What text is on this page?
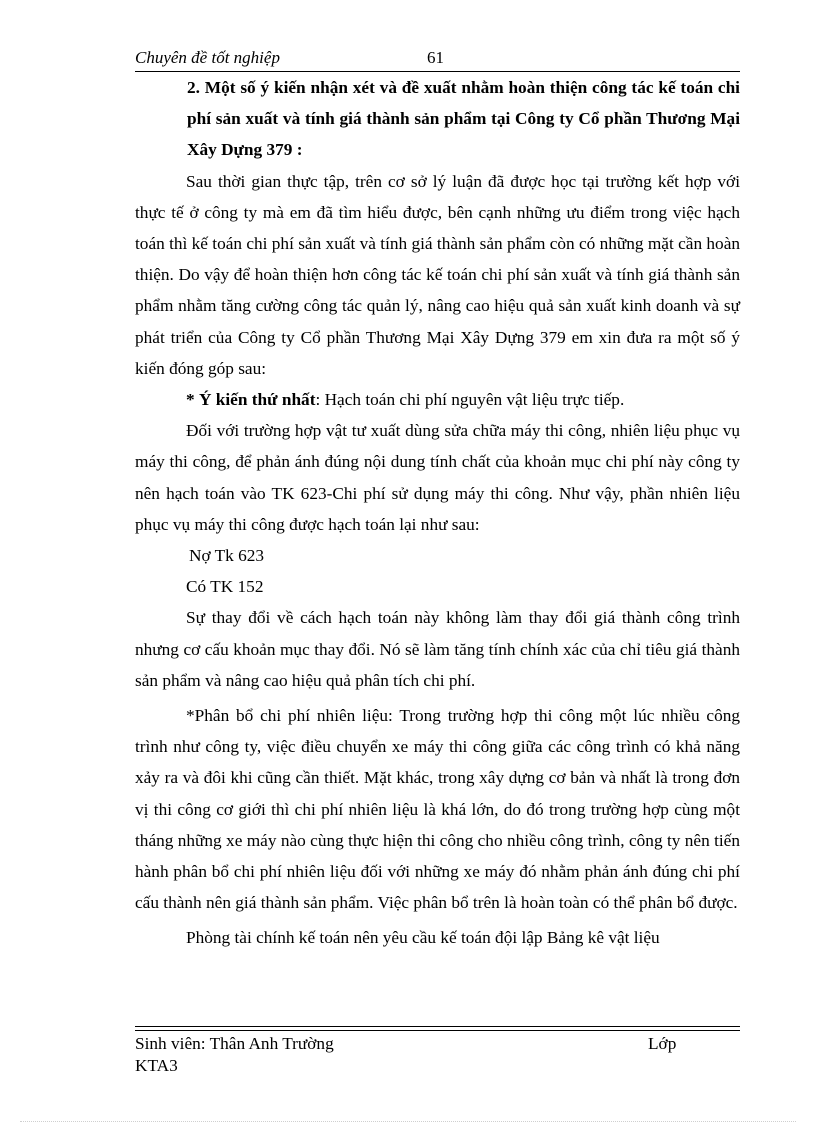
Chuyên đề tốt nghiệp	61

2. Một số ý kiến nhận xét và đề xuất nhằm hoàn thiện công tác kế toán chi phí sản xuất và tính giá thành sản phẩm tại Công ty Cổ phần Thương Mại Xây Dựng 379 :

Sau thời gian thực tập, trên cơ sở lý luận đã được học tại trường kết hợp với thực tế ở công ty mà em đã tìm hiểu được, bên cạnh những ưu điểm trong việc hạch toán thì kế toán chi phí sản xuất và tính giá thành sản phẩm còn có những mặt cần hoàn thiện. Do vậy để hoàn thiện hơn công tác kế toán chi phí sản xuất và tính giá thành sản phẩm nhằm tăng cường công tác quản lý, nâng cao hiệu quả sản xuất kinh doanh và sự phát triển của Công ty Cổ phần Thương Mại Xây Dựng 379 em xin đưa ra một số ý kiến đóng góp sau:

* Ý kiến thứ nhất: Hạch toán chi phí nguyên vật liệu trực tiếp.

Đối với trường hợp vật tư xuất dùng sửa chữa máy thi công, nhiên liệu phục vụ máy thi công, để phản ánh đúng nội dung tính chất của khoản mục chi phí này công ty nên hạch toán vào TK 623-Chi phí sử dụng máy thi công. Như vậy, phần nhiên liệu phục vụ máy thi công được hạch toán lại như sau:

Nợ Tk 623

Có TK 152

Sự thay đổi về cách hạch toán này không làm thay đổi giá thành công trình nhưng cơ cấu khoản mục thay đổi. Nó sẽ làm tăng tính chính xác của chỉ tiêu giá thành sản phẩm và nâng cao hiệu quả phân tích chi phí.

*Phân bổ chi phí nhiên liệu: Trong trường hợp thi công một lúc nhiều công trình như công ty, việc điều chuyển xe máy thi công giữa các công trình có khả năng xảy ra và đôi khi cũng cần thiết. Mặt khác, trong xây dựng cơ bản và nhất là trong đơn vị thi công cơ giới thì chi phí nhiên liệu là khá lớn, do đó trong trường hợp cùng một tháng những xe máy nào cùng thực hiện thi công cho nhiều công trình, công ty nên tiến hành phân bổ chi phí nhiên liệu đối với những xe máy đó nhằm phản ánh đúng chi phí cấu thành nên giá thành sản phẩm. Việc phân bổ trên là hoàn toàn có thể phân bổ được.

Phòng tài chính kế toán nên yêu cầu kế toán đội lập Bảng kê vật liệu

Sinh viên: Thân Anh Trường	Lớp
KTA3
